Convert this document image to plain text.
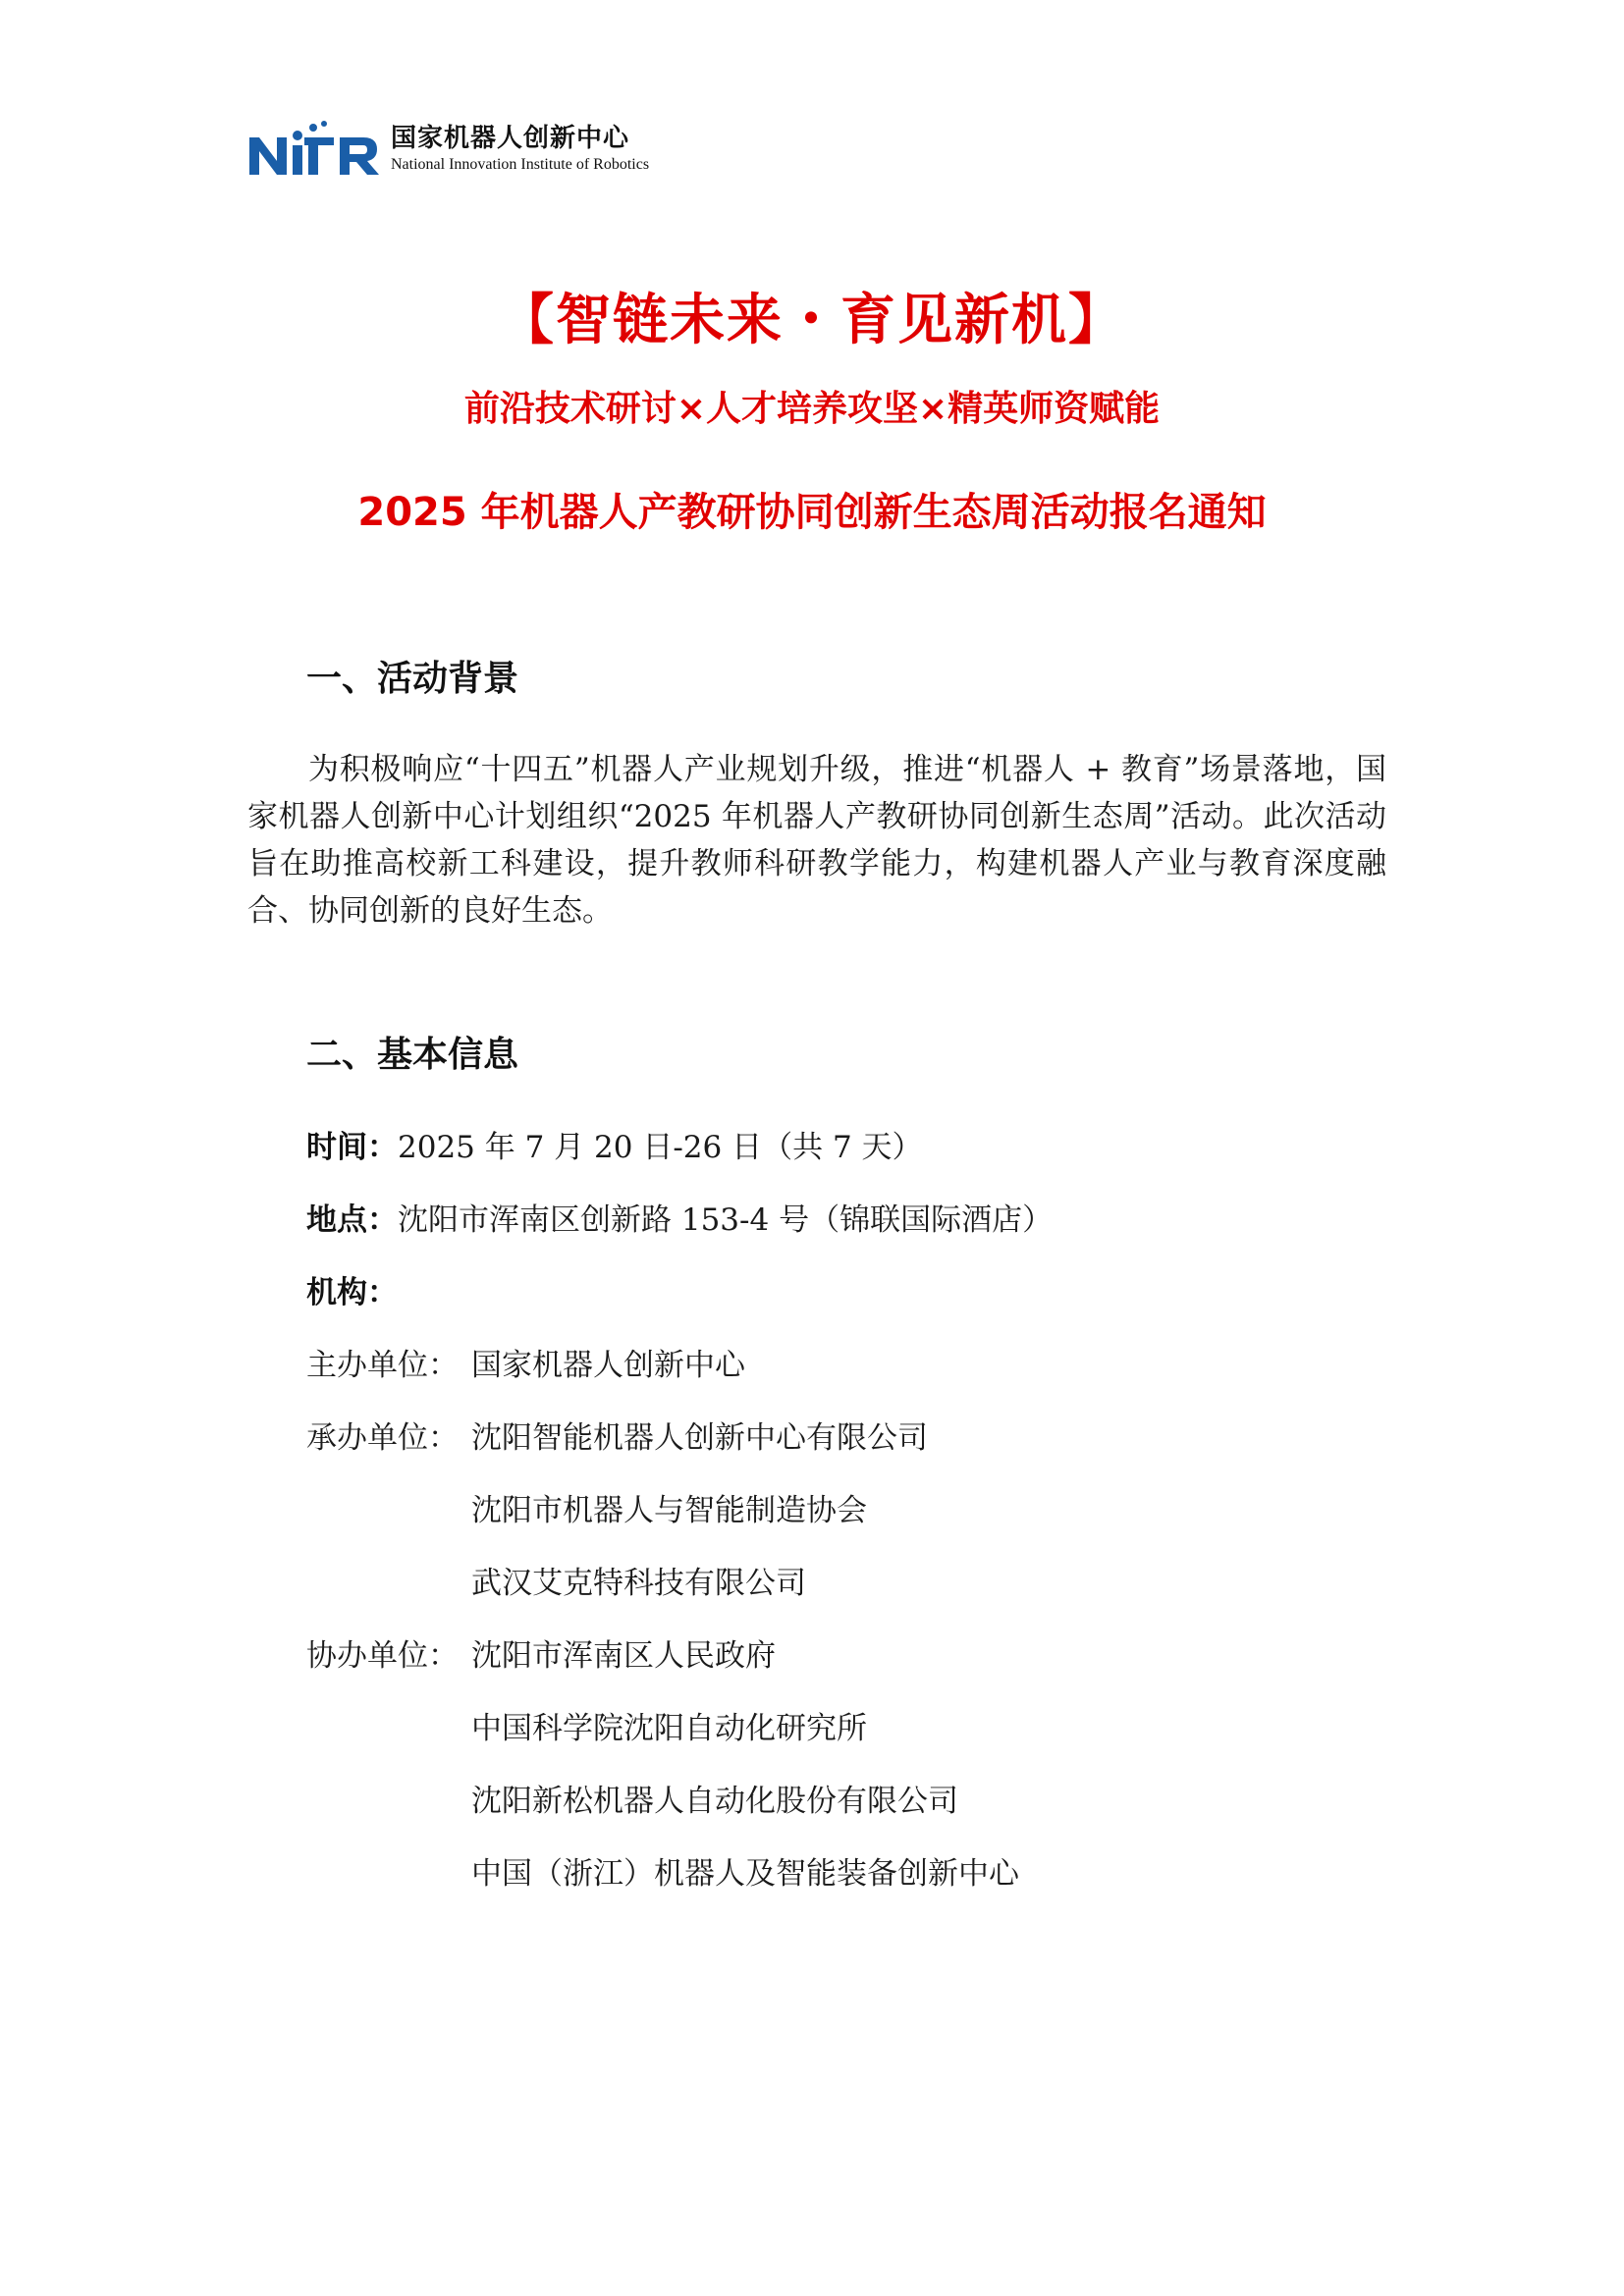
国家机器人创新中心
National Innovation Institute of Robotics
【智链未来・育见新机】
前沿技术研讨×人才培养攻坚×精英师资赋能
2025 年机器人产教研协同创新生态周活动报名通知
一、活动背景

为积极响应“十四五”机器人产业规划升级，推进“机器人 + 教育”场景落地，国家机器人创新中心计划组织“2025 年机器人产教研协同创新生态周”活动。此次活动旨在助推高校新工科建设，提升教师科研教学能力，构建机器人产业与教育深度融合、协同创新的良好生态。

二、基本信息
时间：2025 年 7 月 20 日-26 日（共 7 天）
地点：沈阳市浑南区创新路 153-4 号（锦联国际酒店）
机构：
主办单位： 国家机器人创新中心
承办单位： 沈阳智能机器人创新中心有限公司
沈阳市机器人与智能制造协会
武汉艾克特科技有限公司
协办单位： 沈阳市浑南区人民政府
中国科学院沈阳自动化研究所
沈阳新松机器人自动化股份有限公司
中国（浙江）机器人及智能装备创新中心
